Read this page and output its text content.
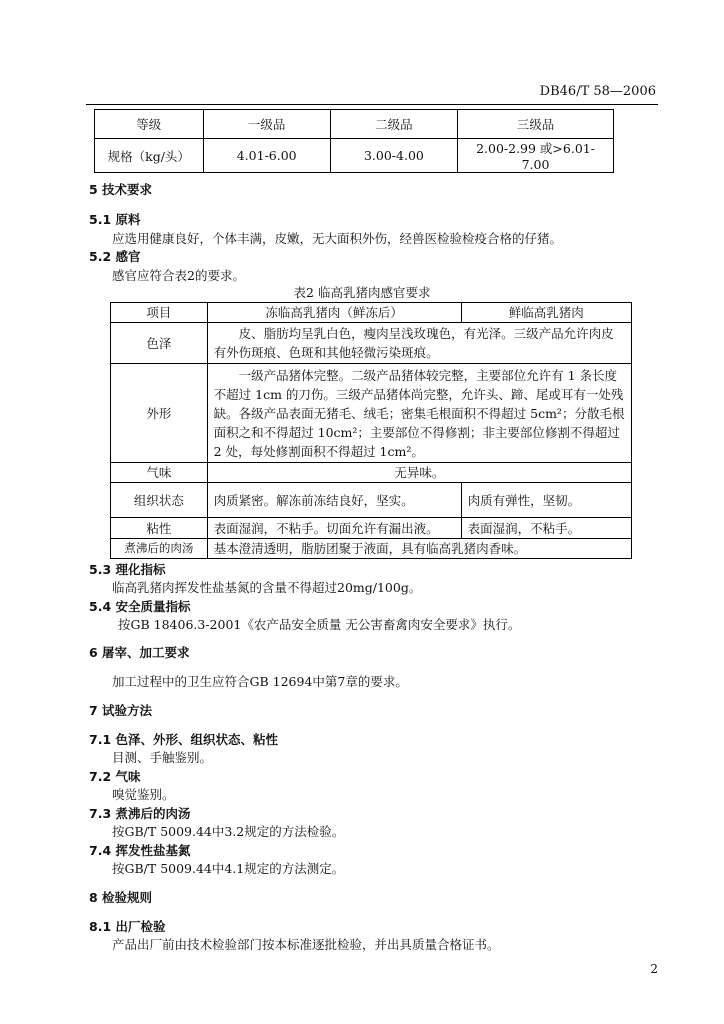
DB46/T 58—2006
等级	一级品	二级品	三级品
规格（kg/头）	4.01-6.00	3.00-4.00	2.00-2.99 或>6.01-7.00
5 技术要求
5.1 原料
应选用健康良好，个体丰满，皮嫩，无大面积外伤，经兽医检验检疫合格的仔猪。
5.2 感官
感官应符合表2的要求。
表2 临高乳猪肉感官要求
项目	冻临高乳猪肉（鲜冻后）	鲜临高乳猪肉
色泽	皮、脂肪均呈乳白色，瘦肉呈浅玫瑰色，有光泽。三级产品允许肉皮有外伤斑痕、色斑和其他轻微污染斑痕。	
外形	一级产品猪体完整。二级产品猪体较完整，主要部位允许有 1 条长度
不超过 1cm 的刀伤。三级产品猪体尚完整，允许头、蹄、尾或耳有一处残
缺。各级产品表面无猪毛、绒毛；密集毛根面积不得超过 5cm²；分散毛根
面积之和不得超过 10cm²；主要部位不得修割；非主要部位修割不得超过
2 处，每处修割面积不得超过 1cm²。	

气味	无异味。	
组织状态	肉质紧密。解冻前冻结良好，坚实。	肉质有弹性，坚韧。
粘性	表面湿润，不粘手。切面允许有漏出液。	表面湿润，不粘手。
煮沸后的肉汤	基本澄清透明，脂肪团聚于液面，具有临高乳猪肉香味。	
5.3 理化指标
临高乳猪肉挥发性盐基氮的含量不得超过20mg/100g。
5.4 安全质量指标
按GB 18406.3-2001《农产品安全质量 无公害畜禽肉安全要求》执行。
6 屠宰、加工要求
加工过程中的卫生应符合GB 12694中第7章的要求。
7 试验方法
7.1 色泽、外形、组织状态、粘性
目测、手触鉴别。
7.2 气味
嗅觉鉴别。
7.3 煮沸后的肉汤
按GB/T 5009.44中3.2规定的方法检验。
7.4 挥发性盐基氮
按GB/T 5009.44中4.1规定的方法测定。
8 检验规则
8.1 出厂检验
产品出厂前由技术检验部门按本标准逐批检验，并出具质量合格证书。
2
